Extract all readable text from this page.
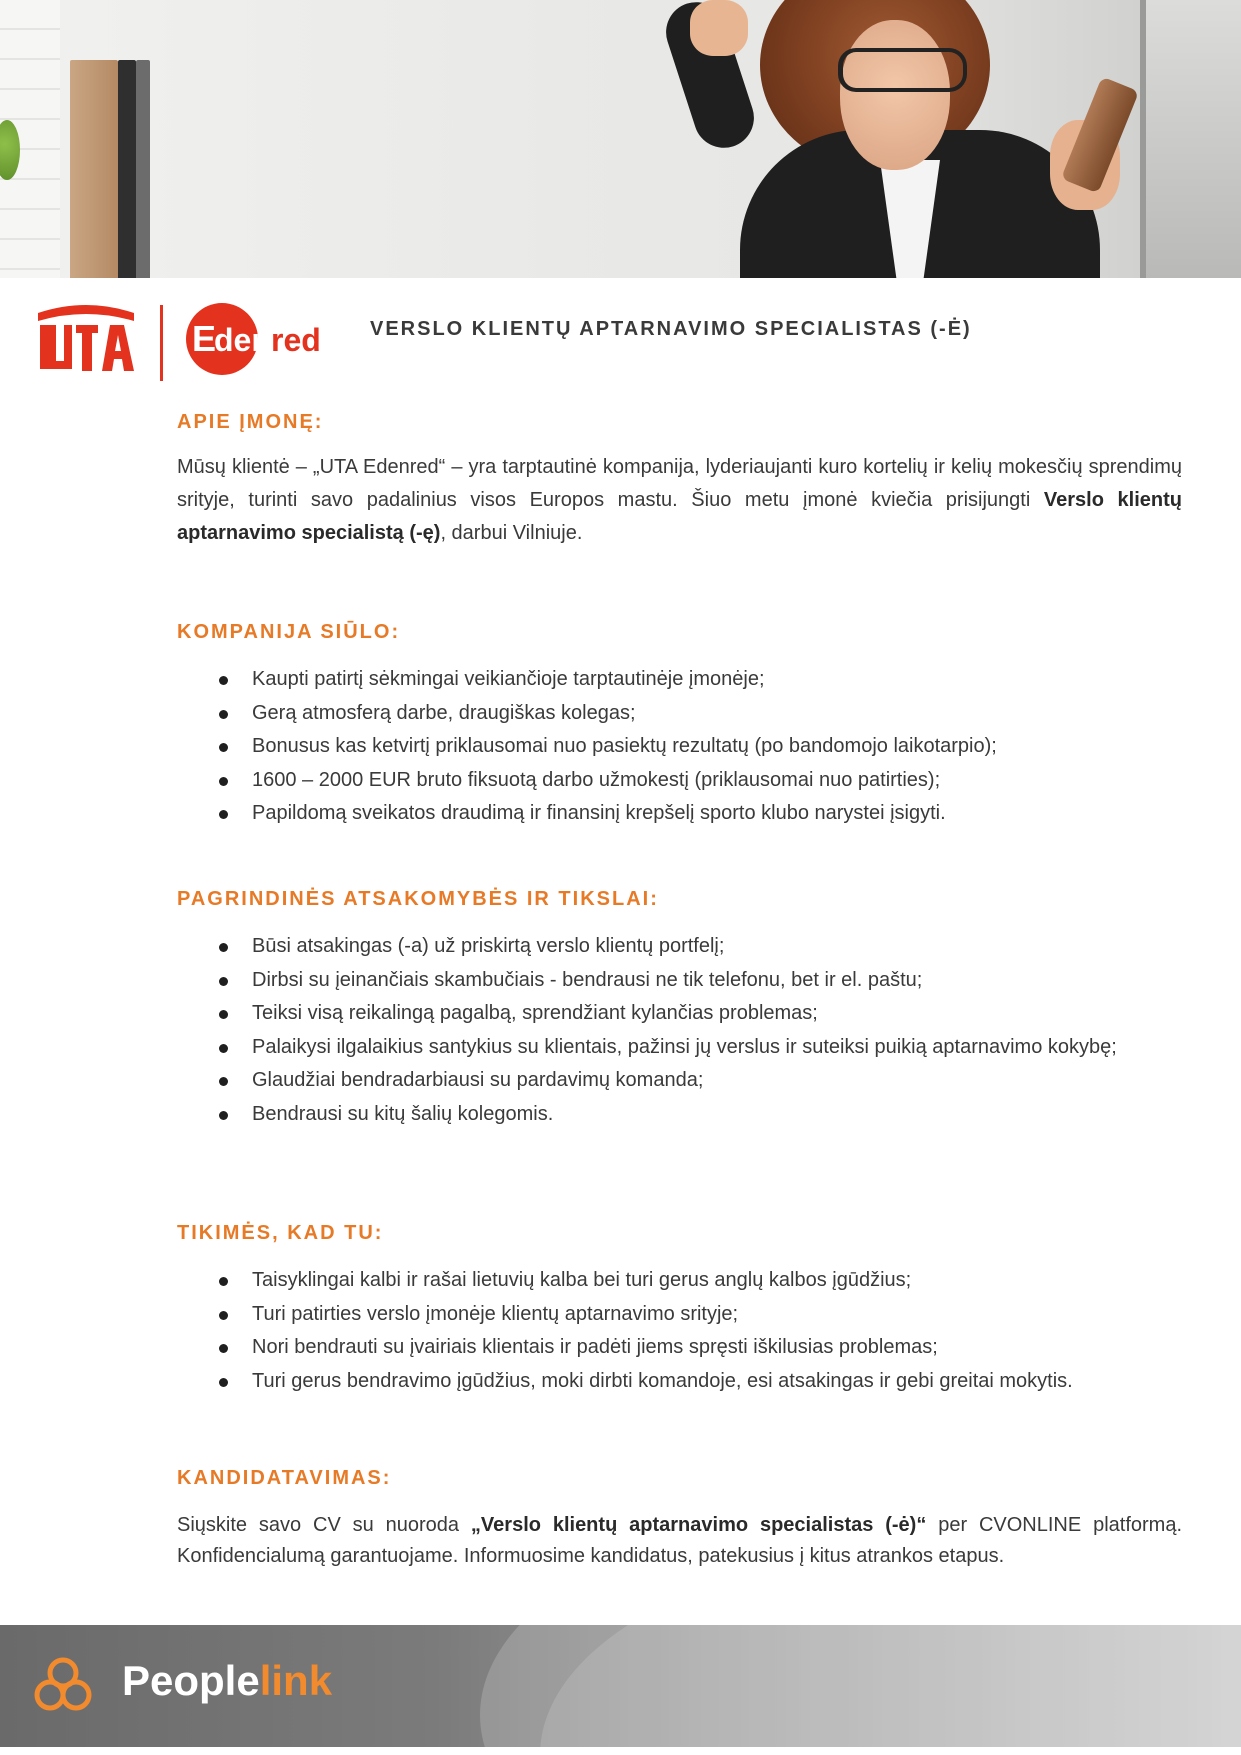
E
den red VERSLO KLIENTŲ APTARNAVIMO SPECIALISTAS (-Ė)
APIE ĮMONĘ:
Mūsų klientė – „UTA Edenred“ – yra tarptautinė kompanija, lyderiaujanti kuro kortelių ir kelių mokesčių sprendimų srityje, turinti savo padalinius visos Europos mastu. Šiuo metu įmonė kviečia prisijungti Verslo klientų aptarnavimo specialistą (-ę), darbui Vilniuje.
KOMPANIJA SIŪLO:
Kaupti patirtį sėkmingai veikiančioje tarptautinėje įmonėje;
Gerą atmosferą darbe, draugiškas kolegas;
Bonusus kas ketvirtį priklausomai nuo pasiektų rezultatų (po bandomojo laikotarpio);
1600 – 2000 EUR bruto fiksuotą darbo užmokestį (priklausomai nuo patirties);
Papildomą sveikatos draudimą ir finansinį krepšelį sporto klubo narystei įsigyti.
PAGRINDINĖS ATSAKOMYBĖS IR TIKSLAI:
Būsi atsakingas (-a) už priskirtą verslo klientų portfelį;
Dirbsi su įeinančiais skambučiais - bendrausi ne tik telefonu, bet ir el. paštu;
Teiksi visą reikalingą pagalbą, sprendžiant kylančias problemas;
Palaikysi ilgalaikius santykius su klientais, pažinsi jų verslus ir suteiksi puikią aptarnavimo kokybę;
Glaudžiai bendradarbiausi su pardavimų komanda;
Bendrausi su kitų šalių kolegomis.
TIKIMĖS, KAD TU:
Taisyklingai kalbi ir rašai lietuvių kalba bei turi gerus anglų kalbos įgūdžius;
Turi patirties verslo įmonėje klientų aptarnavimo srityje;
Nori bendrauti su įvairiais klientais ir padėti jiems spręsti iškilusias problemas;
Turi gerus bendravimo įgūdžius, moki dirbti komandoje, esi atsakingas ir gebi greitai mokytis.
KANDIDATAVIMAS:
Siųskite savo CV su nuoroda „Verslo klientų aptarnavimo specialistas (-ė)“ per CVONLINE platformą. Konfidencialumą garantuojame. Informuosime kandidatus, patekusius į kitus atrankos etapus.
Peoplelink
